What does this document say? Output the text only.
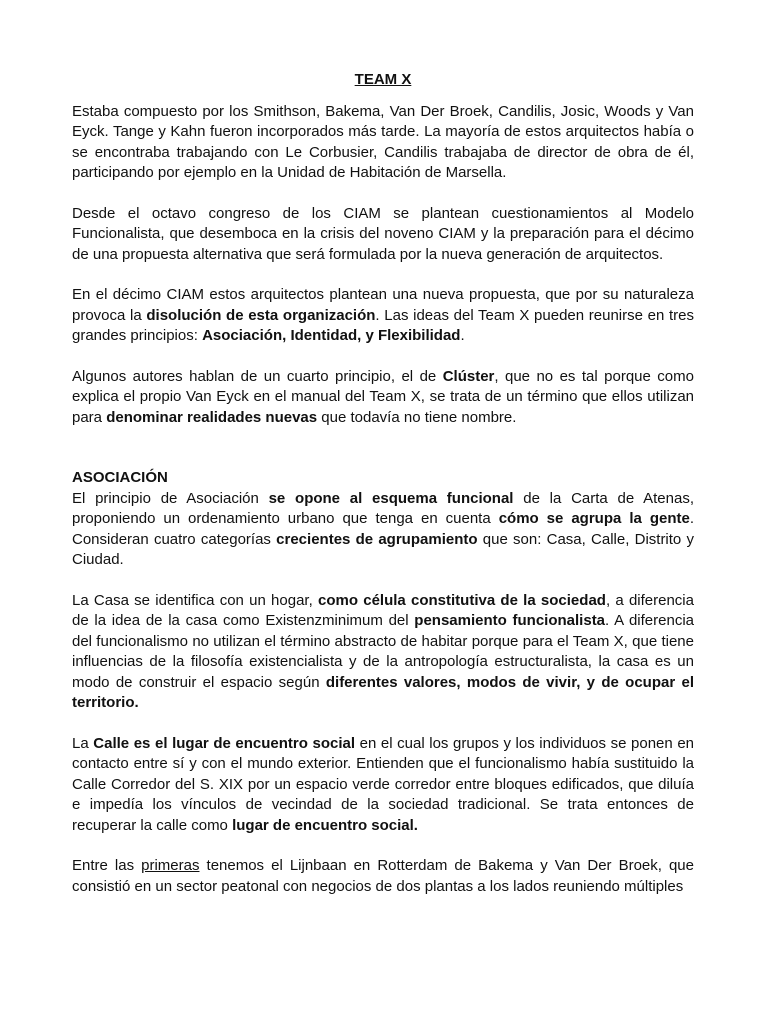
TEAM X

Estaba compuesto por los Smithson, Bakema, Van Der Broek, Candilis, Josic, Woods y Van Eyck. Tange y Kahn fueron incorporados más tarde. La mayoría de estos arquitectos había o se encontraba trabajando con Le Corbusier, Candilis trabajaba de director de obra de él, participando por ejemplo en la Unidad de Habitación de Marsella.

Desde el octavo congreso de los CIAM se plantean cuestionamientos al Modelo Funcionalista, que desemboca en la crisis del noveno CIAM y la preparación para el décimo de una propuesta alternativa que será formulada por la nueva generación de arquitectos.

En el décimo CIAM estos arquitectos plantean una nueva propuesta, que por su naturaleza provoca la disolución de esta organización. Las ideas del Team X pueden reunirse en tres grandes principios: Asociación, Identidad, y Flexibilidad.

Algunos autores hablan de un cuarto principio, el de Clúster, que no es tal porque como explica el propio Van Eyck en el manual del Team X, se trata de un término que ellos utilizan para denominar realidades nuevas que todavía no tiene nombre.

ASOCIACIÓN

El principio de Asociación se opone al esquema funcional de la Carta de Atenas, proponiendo un ordenamiento urbano que tenga en cuenta cómo se agrupa la gente. Consideran cuatro categorías crecientes de agrupamiento que son: Casa, Calle, Distrito y Ciudad.

La Casa se identifica con un hogar, como célula constitutiva de la sociedad, a diferencia de la idea de la casa como Existenzminimum del pensamiento funcionalista. A diferencia del funcionalismo no utilizan el término abstracto de habitar porque para el Team X, que tiene influencias de la filosofía existencialista y de la antropología estructuralista, la casa es un modo de construir el espacio según diferentes valores, modos de vivir, y de ocupar el territorio.

La Calle es el lugar de encuentro social en el cual los grupos y los individuos se ponen en contacto entre sí y con el mundo exterior. Entienden que el funcionalismo había sustituido la Calle Corredor del S. XIX por un espacio verde corredor entre bloques edificados, que diluía e impedía los vínculos de vecindad de la sociedad tradicional. Se trata entonces de recuperar la calle como lugar de encuentro social.

Entre las primeras tenemos el Lijnbaan en Rotterdam de Bakema y Van Der Broek, que consistió en un sector peatonal con negocios de dos plantas a los lados reuniendo múltiples
